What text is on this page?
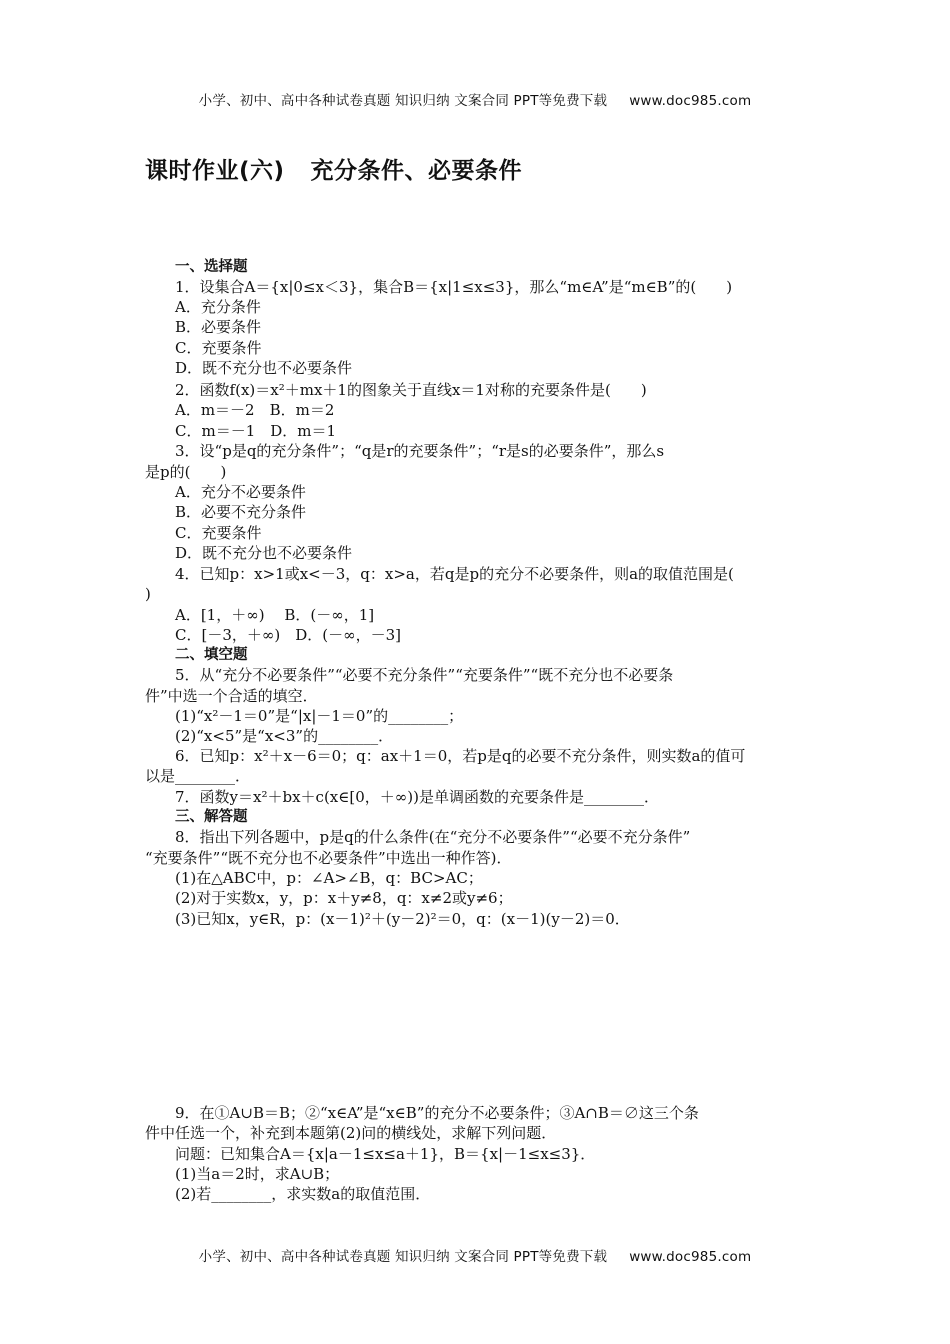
小学、初中、高中各种试卷真题 知识归纳 文案合同 PPT等免费下载 www.doc985.com
课时作业(六) 充分条件、必要条件
一、选择题
1．设集合A＝{x|0≤x＜3}，集合B＝{x|1≤x≤3}，那么“m∈A”是“m∈B”的(　　)
A．充分条件
B．必要条件
C．充要条件
D．既不充分也不必要条件
2．函数f(x)＝x²＋mx＋1的图象关于直线x＝1对称的充要条件是(　　)
A．m＝－2　B．m＝2
C．m＝－1　D．m＝1
3．设“p是q的充分条件”；“q是r的充要条件”；“r是s的必要条件”，那么s
是p的(　　)
A．充分不必要条件
B．必要不充分条件
C．充要条件
D．既不充分也不必要条件
4．已知p：x>1或x<－3，q：x>a，若q是p的充分不必要条件，则a的取值范围是(
)
A．[1，＋∞)　 B．(－∞，1]
C．[－3，＋∞)　D．(－∞，－3]
二、填空题
5．从“充分不必要条件”“必要不充分条件”“充要条件”“既不充分也不必要条
件”中选一个合适的填空．
(1)“x²－1＝0”是“|x|－1＝0”的________；
(2)“x<5”是“x<3”的________．
6．已知p：x²＋x－6＝0；q：ax＋1＝0，若p是q的必要不充分条件，则实数a的值可
以是________．
7．函数y＝x²＋bx＋c(x∈[0，＋∞))是单调函数的充要条件是________．
三、解答题
8．指出下列各题中，p是q的什么条件(在“充分不必要条件”“必要不充分条件”
“充要条件”“既不充分也不必要条件”中选出一种作答)．
(1)在△ABC中，p：∠A>∠B，q：BC>AC；
(2)对于实数x，y，p：x＋y≠8，q：x≠2或y≠6；
(3)已知x，y∈R，p：(x－1)²＋(y－2)²＝0，q：(x－1)(y－2)＝0．
9．在①A∪B＝B；②“x∈A”是“x∈B”的充分不必要条件；③A∩B＝∅这三个条
件中任选一个，补充到本题第(2)问的横线处，求解下列问题．
问题：已知集合A＝{x|a－1≤x≤a＋1}，B＝{x|－1≤x≤3}．
(1)当a＝2时，求A∪B；
(2)若________，求实数a的取值范围．
小学、初中、高中各种试卷真题 知识归纳 文案合同 PPT等免费下载 www.doc985.com
